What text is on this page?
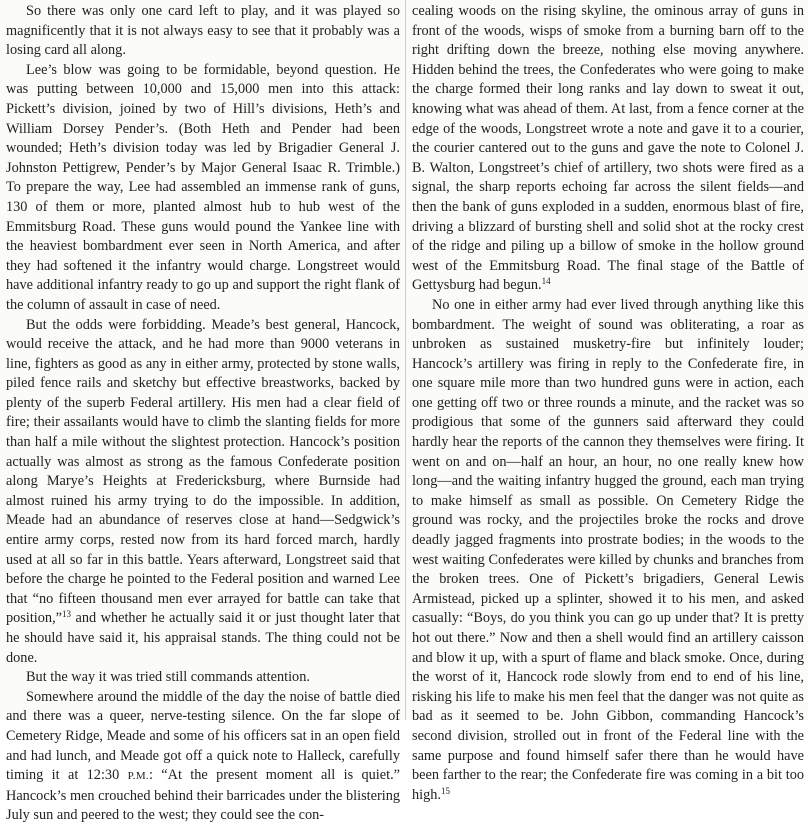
So there was only one card left to play, and it was played so magnificently that it is not always easy to see that it probably was a losing card all along.

Lee’s blow was going to be formidable, beyond question. He was putting between 10,000 and 15,000 men into this attack: Pickett’s division, joined by two of Hill’s divisions, Heth’s and William Dorsey Pender’s. (Both Heth and Pender had been wounded; Heth’s division today was led by Brigadier General J. Johnston Pettigrew, Pender’s by Major General Isaac R. Trimble.) To prepare the way, Lee had assembled an immense rank of guns, 130 of them or more, planted almost hub to hub west of the Emmitsburg Road. These guns would pound the Yankee line with the heaviest bombardment ever seen in North America, and after they had softened it the infantry would charge. Longstreet would have additional infantry ready to go up and support the right flank of the column of assault in case of need.

But the odds were forbidding. Meade’s best general, Hancock, would receive the attack, and he had more than 9000 veterans in line, fighters as good as any in either army, protected by stone walls, piled fence rails and sketchy but effective breastworks, backed by plenty of the superb Federal artillery. His men had a clear field of fire; their assailants would have to climb the slanting fields for more than half a mile without the slightest protection. Hancock’s position actually was almost as strong as the famous Confederate position along Marye’s Heights at Fredericksburg, where Burnside had almost ruined his army trying to do the impossible. In addition, Meade had an abundance of reserves close at hand—Sedgwick’s entire army corps, rested now from its hard forced march, hardly used at all so far in this battle. Years afterward, Longstreet said that before the charge he pointed to the Federal position and warned Lee that “no fifteen thousand men ever arrayed for battle can take that position,”$^{13}$ and whether he actually said it or just thought later that he should have said it, his appraisal stands. The thing could not be done.

But the way it was tried still commands attention.

Somewhere around the middle of the day the noise of battle died and there was a queer, nerve-testing silence. On the far slope of Cemetery Ridge, Meade and some of his officers sat in an open field and had lunch, and Meade got off a quick note to Halleck, carefully timing it at 12:30 P.M.: “At the present moment all is quiet.” Hancock’s men crouched behind their barricades under the blistering July sun and peered to the west; they could see the con-

cealing woods on the rising skyline, the ominous array of guns in front of the woods, wisps of smoke from a burning barn off to the right drifting down the breeze, nothing else moving anywhere. Hidden behind the trees, the Confederates who were going to make the charge formed their long ranks and lay down to sweat it out, knowing what was ahead of them. At last, from a fence corner at the edge of the woods, Longstreet wrote a note and gave it to a courier, the courier cantered out to the guns and gave the note to Colonel J. B. Walton, Longstreet’s chief of artillery, two shots were fired as a signal, the sharp reports echoing far across the silent fields—and then the bank of guns exploded in a sudden, enormous blast of fire, driving a blizzard of bursting shell and solid shot at the rocky crest of the ridge and piling up a billow of smoke in the hollow ground west of the Emmitsburg Road. The final stage of the Battle of Gettysburg had begun.$^{14}$

No one in either army had ever lived through anything like this bombardment. The weight of sound was obliterating, a roar as unbroken as sustained musketry-fire but infinitely louder; Hancock’s artillery was firing in reply to the Confederate fire, in one square mile more than two hundred guns were in action, each one getting off two or three rounds a minute, and the racket was so prodigious that some of the gunners said afterward they could hardly hear the reports of the cannon they themselves were firing. It went on and on—half an hour, an hour, no one really knew how long—and the waiting infantry hugged the ground, each man trying to make himself as small as possible. On Cemetery Ridge the ground was rocky, and the projectiles broke the rocks and drove deadly jagged fragments into prostrate bodies; in the woods to the west waiting Confederates were killed by chunks and branches from the broken trees. One of Pickett’s brigadiers, General Lewis Armistead, picked up a splinter, showed it to his men, and asked casually: “Boys, do you think you can go up under that? It is pretty hot out there.” Now and then a shell would find an artillery caisson and blow it up, with a spurt of flame and black smoke. Once, during the worst of it, Hancock rode slowly from end to end of his line, risking his life to make his men feel that the danger was not quite as bad as it seemed to be. John Gibbon, commanding Hancock’s second division, strolled out in front of the Federal line with the same purpose and found himself safer there than he would have been farther to the rear; the Confederate fire was coming in a bit too high.$^{15}$
